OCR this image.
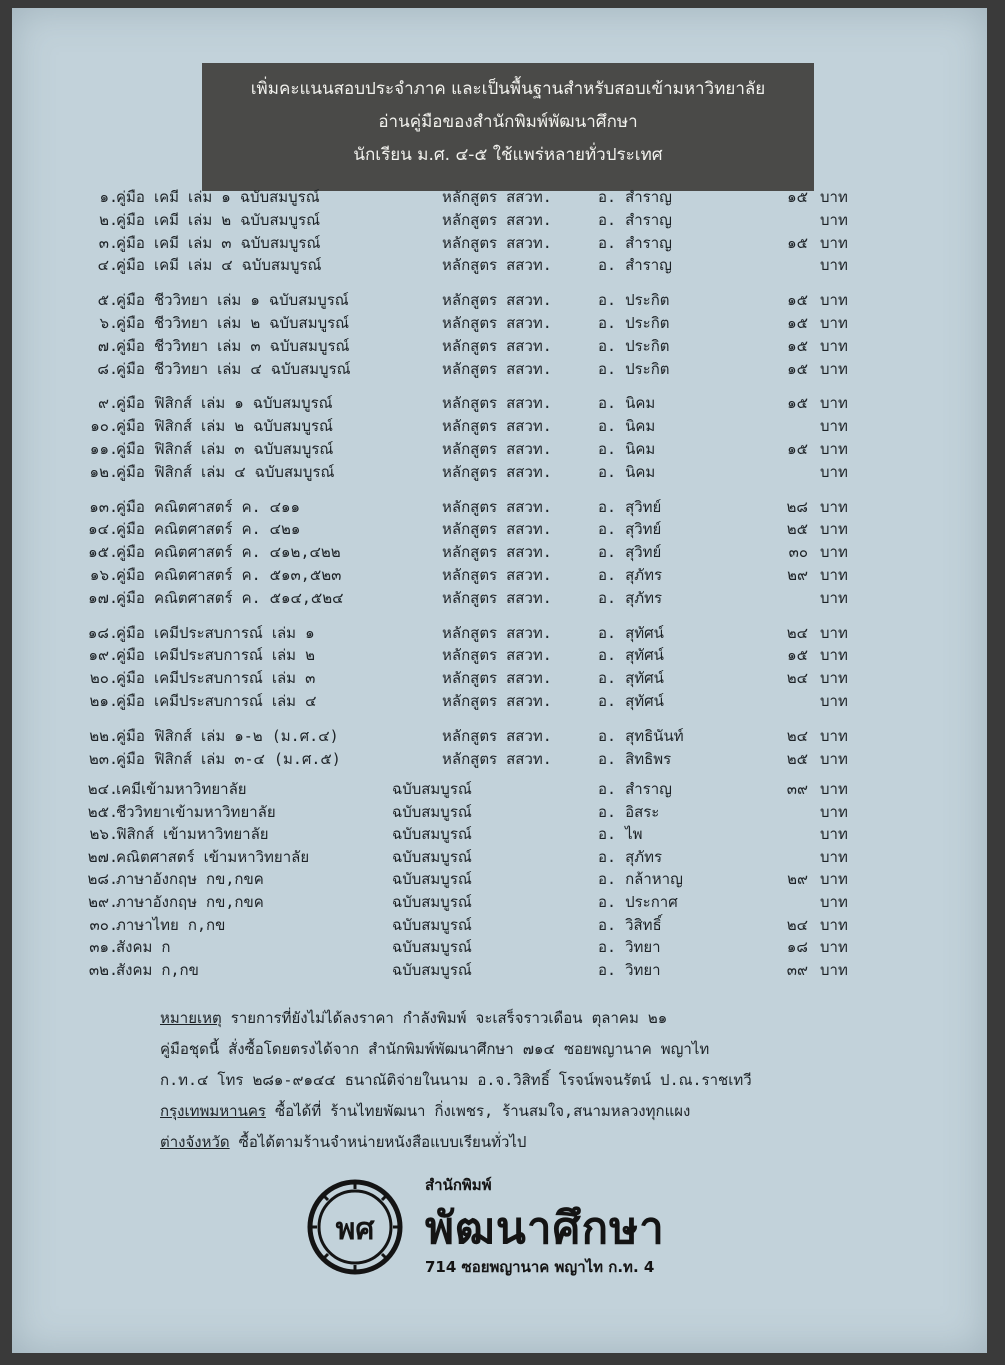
เพิ่มคะแนนสอบประจำภาค และเป็นพื้นฐานสำหรับสอบเข้ามหาวิทยาลัย
อ่านคู่มือของสำนักพิมพ์พัฒนาศึกษา
นักเรียน ม.ศ. ๔-๕ ใช้แพร่หลายทั่วประเทศ
๑.
คู่มือ เคมี เล่ม ๑ ฉบับสมบูรณ์	หลักสูตร สสวท.	อ. สำราญ	๑๕ บาท
๒.
คู่มือ เคมี เล่ม ๒ ฉบับสมบูรณ์	หลักสูตร สสวท.	อ. สำราญ	บาท
๓.
คู่มือ เคมี เล่ม ๓ ฉบับสมบูรณ์	หลักสูตร สสวท.	อ. สำราญ	๑๕ บาท
๔.
คู่มือ เคมี เล่ม ๔ ฉบับสมบูรณ์	หลักสูตร สสวท.	อ. สำราญ	บาท
๕.
คู่มือ ชีววิทยา เล่ม ๑ ฉบับสมบูรณ์	หลักสูตร สสวท.	อ. ประกิต	๑๕ บาท
๖.
คู่มือ ชีววิทยา เล่ม ๒ ฉบับสมบูรณ์	หลักสูตร สสวท.	อ. ประกิต	๑๕ บาท
๗.
คู่มือ ชีววิทยา เล่ม ๓ ฉบับสมบูรณ์	หลักสูตร สสวท.	อ. ประกิต	๑๕ บาท
๘.
คู่มือ ชีววิทยา เล่ม ๔ ฉบับสมบูรณ์	หลักสูตร สสวท.	อ. ประกิต	๑๕ บาท
๙.
คู่มือ ฟิสิกส์ เล่ม ๑ ฉบับสมบูรณ์	หลักสูตร สสวท.	อ. นิคม	๑๕ บาท
๑๐.
คู่มือ ฟิสิกส์ เล่ม ๒ ฉบับสมบูรณ์	หลักสูตร สสวท.	อ. นิคม	บาท
๑๑.
คู่มือ ฟิสิกส์ เล่ม ๓ ฉบับสมบูรณ์	หลักสูตร สสวท.	อ. นิคม	๑๕ บาท
๑๒.
คู่มือ ฟิสิกส์ เล่ม ๔ ฉบับสมบูรณ์	หลักสูตร สสวท.	อ. นิคม	บาท
๑๓.
คู่มือ คณิตศาสตร์ ค. ๔๑๑	หลักสูตร สสวท.	อ. สุวิทย์	๒๘ บาท
๑๔.
คู่มือ คณิตศาสตร์ ค. ๔๒๑	หลักสูตร สสวท.	อ. สุวิทย์	๒๕ บาท
๑๕.
คู่มือ คณิตศาสตร์ ค. ๔๑๒,๔๒๒	หลักสูตร สสวท.	อ. สุวิทย์	๓๐ บาท
๑๖.
คู่มือ คณิตศาสตร์ ค. ๕๑๓,๕๒๓	หลักสูตร สสวท.	อ. สุภัทร	๒๙ บาท
๑๗.
คู่มือ คณิตศาสตร์ ค. ๕๑๔,๕๒๔	หลักสูตร สสวท.	อ. สุภัทร	บาท
๑๘.
คู่มือ เคมีประสบการณ์ เล่ม ๑	หลักสูตร สสวท.	อ. สุทัศน์	๒๔ บาท
๑๙.
คู่มือ เคมีประสบการณ์ เล่ม ๒	หลักสูตร สสวท.	อ. สุทัศน์	๑๕ บาท
๒๐.
คู่มือ เคมีประสบการณ์ เล่ม ๓	หลักสูตร สสวท.	อ. สุทัศน์	๒๔ บาท
๒๑.
คู่มือ เคมีประสบการณ์ เล่ม ๔	หลักสูตร สสวท.	อ. สุทัศน์	บาท
๒๒.
คู่มือ ฟิสิกส์ เล่ม ๑-๒ (ม.ศ.๔)	หลักสูตร สสวท.	อ. สุทธินันท์	๒๔ บาท
๒๓.
คู่มือ ฟิสิกส์ เล่ม ๓-๔ (ม.ศ.๕)	หลักสูตร สสวท.	อ. สิทธิพร	๒๕ บาท
๒๔.
เคมีเข้ามหาวิทยาลัย	ฉบับสมบูรณ์	อ. สำราญ	๓๙ บาท
๒๕.
ชีววิทยาเข้ามหาวิทยาลัย	ฉบับสมบูรณ์	อ. อิสระ	บาท
๒๖.
ฟิสิกส์ เข้ามหาวิทยาลัย	ฉบับสมบูรณ์	อ. ไพ	บาท
๒๗.
คณิตศาสตร์ เข้ามหาวิทยาลัย	ฉบับสมบูรณ์	อ. สุภัทร	บาท
๒๘.
ภาษาอังกฤษ กข,กขค	ฉบับสมบูรณ์	อ. กล้าหาญ	๒๙ บาท
๒๙.
ภาษาอังกฤษ กข,กขค	ฉบับสมบูรณ์	อ. ประกาศ	บาท
๓๐.
ภาษาไทย ก,กข	ฉบับสมบูรณ์	อ. วิสิทธิ์	๒๔ บาท
๓๑.
สังคม ก	ฉบับสมบูรณ์	อ. วิทยา	๑๘ บาท
๓๒.
สังคม ก,กข	ฉบับสมบูรณ์	อ. วิทยา	๓๙ บาท
หมายเหตุ รายการที่ยังไม่ได้ลงราคา กำลังพิมพ์ จะเสร็จราวเดือน ตุลาคม ๒๑
คู่มือชุดนี้ สั่งซื้อโดยตรงได้จาก สำนักพิมพ์พัฒนาศึกษา ๗๑๔ ซอยพญานาค พญาไท
ก.ท.๔ โทร ๒๘๑-๙๑๔๔ ธนาณัติจ่ายในนาม อ.จ.วิสิทธิ์ โรจน์พจนรัตน์ ป.ณ.ราชเทวี
กรุงเทพมหานคร ซื้อได้ที่ ร้านไทยพัฒนา กิ่งเพชร, ร้านสมใจ,สนามหลวงทุกแผง
ต่างจังหวัด ซื้อได้ตามร้านจำหน่ายหนังสือแบบเรียนทั่วไป
พศ
สำนักพิมพ์
พัฒนาศึกษา
714 ซอยพญานาค พญาไท ก.ท. 4
